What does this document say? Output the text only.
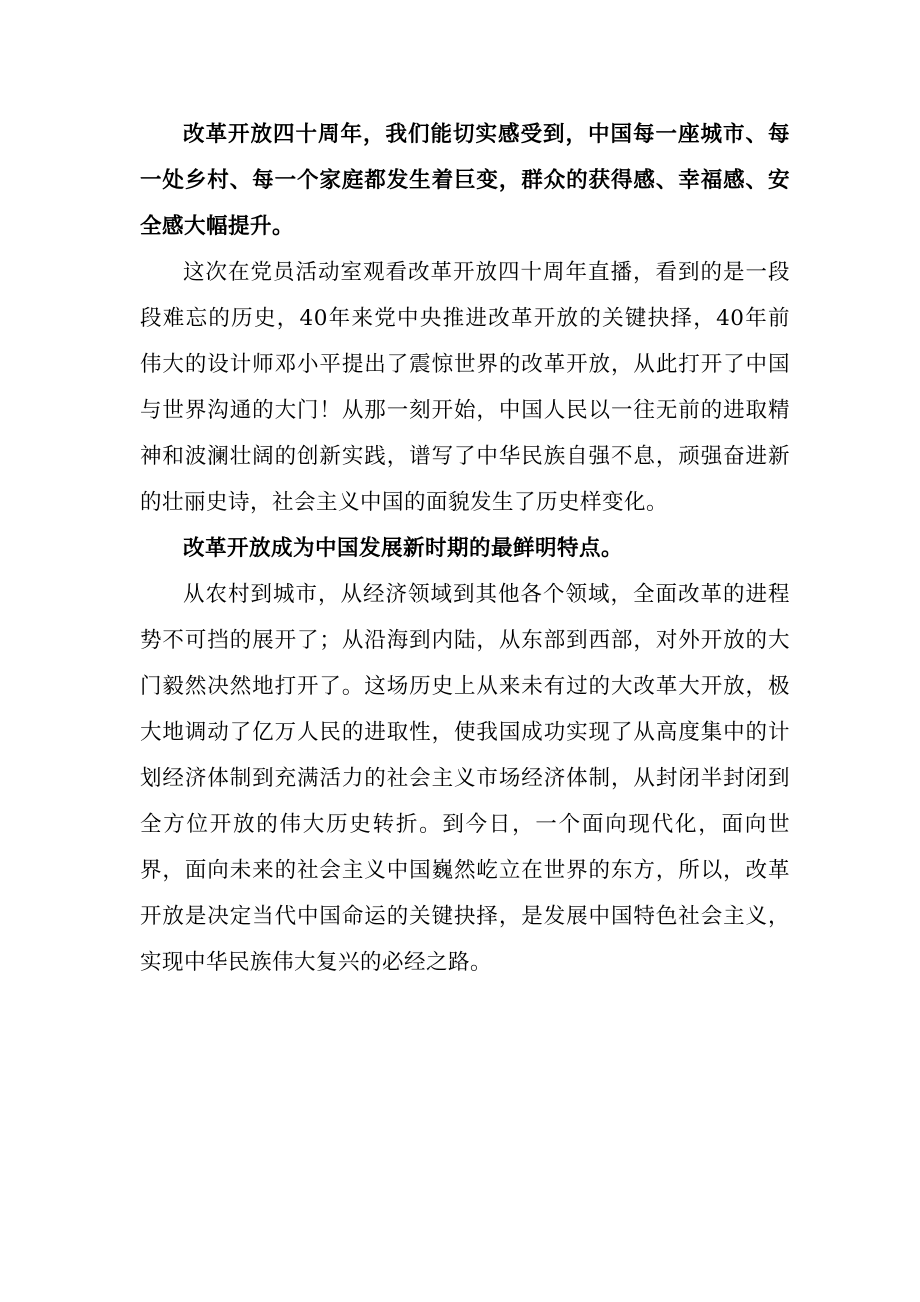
改革开放四十周年，我们能切实感受到，中国每一座城市、每一处乡村、每一个家庭都发生着巨变，群众的获得感、幸福感、安全感大幅提升。

这次在党员活动室观看改革开放四十周年直播，看到的是一段段难忘的历史，40年来党中央推进改革开放的关键抉择，40年前伟大的设计师邓小平提出了震惊世界的改革开放，从此打开了中国与世界沟通的大门！从那一刻开始，中国人民以一往无前的进取精神和波澜壮阔的创新实践，谱写了中华民族自强不息，顽强奋进新的壮丽史诗，社会主义中国的面貌发生了历史样变化。

改革开放成为中国发展新时期的最鲜明特点。

从农村到城市，从经济领域到其他各个领域，全面改革的进程势不可挡的展开了；从沿海到内陆，从东部到西部，对外开放的大门毅然决然地打开了。这场历史上从来未有过的大改革大开放，极大地调动了亿万人民的进取性，使我国成功实现了从高度集中的计划经济体制到充满活力的社会主义市场经济体制，从封闭半封闭到全方位开放的伟大历史转折。到今日，一个面向现代化，面向世界，面向未来的社会主义中国巍然屹立在世界的东方，所以，改革开放是决定当代中国命运的关键抉择，是发展中国特色社会主义，实现中华民族伟大复兴的必经之路。
